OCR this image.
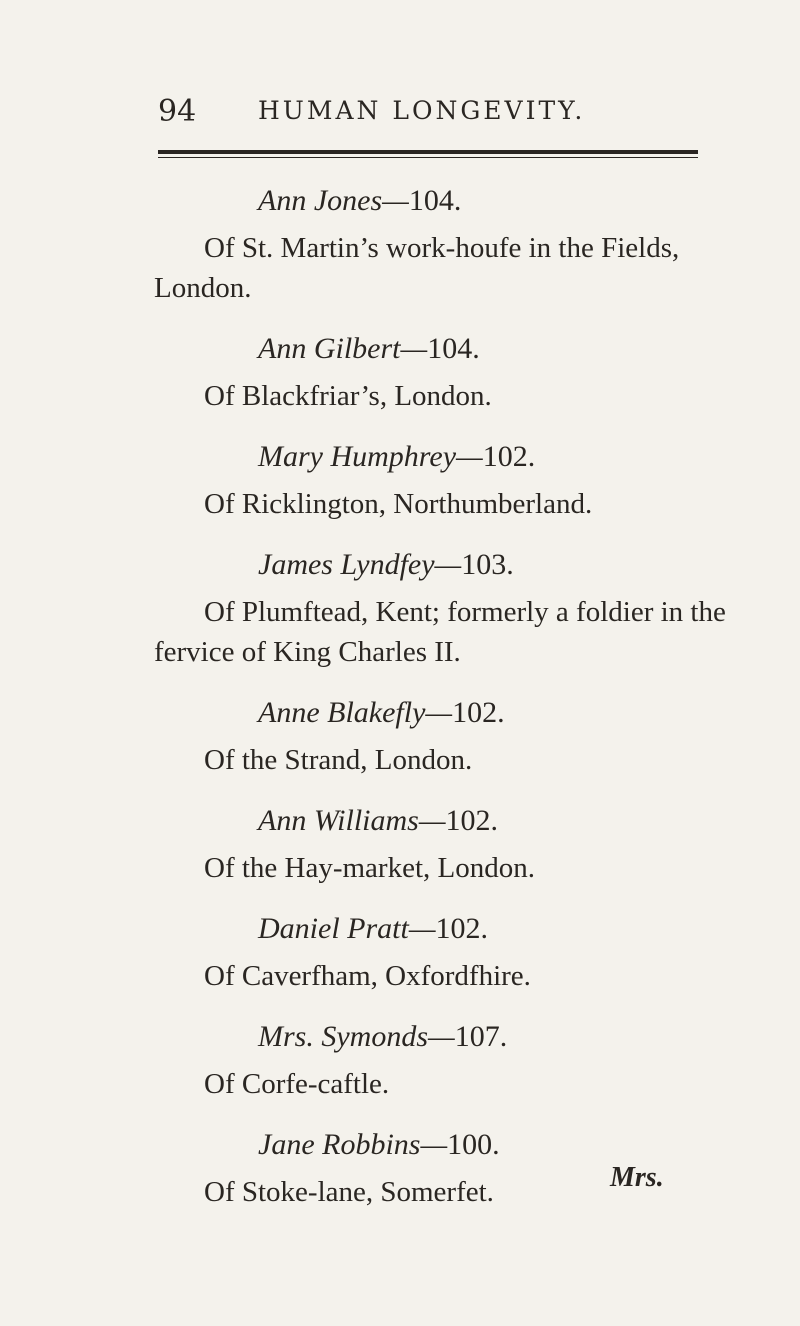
94 HUMAN LONGEVITY.
Ann Jones—104.
Of St. Martin’s work-houfe in the Fields, London.
Ann Gilbert—104.
Of Blackfriar’s, London.
Mary Humphrey—102.
Of Ricklington, Northumberland.
James Lyndfey—103.
Of Plumftead, Kent; formerly a foldier in the fervice of King Charles II.
Anne Blakefly—102.
Of the Strand, London.
Ann Williams—102.
Of the Hay-market, London.
Daniel Pratt—102.
Of Caverfham, Oxfordfhire.
Mrs. Symonds—107.
Of Corfe-caftle.
Jane Robbins—100.
Of Stoke-lane, Somerfet.	Mrs.
